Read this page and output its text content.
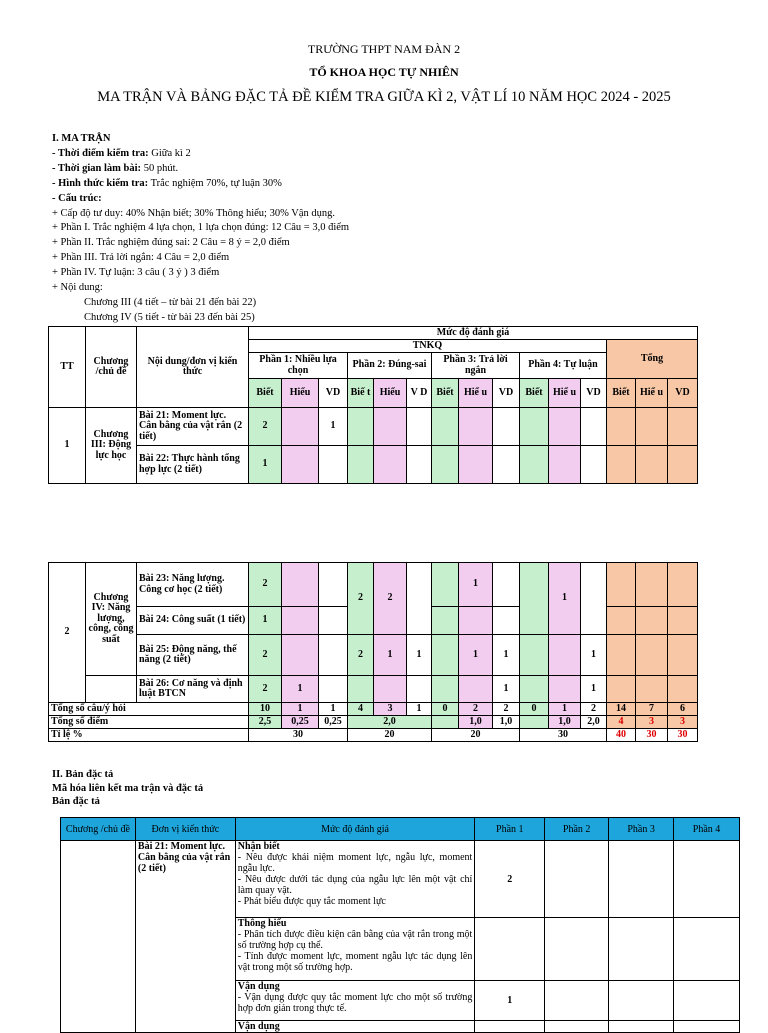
TRƯỜNG THPT NAM ĐÀN 2
TỔ KHOA HỌC TỰ NHIÊN
MA TRẬN VÀ BẢNG ĐẶC TẢ ĐỀ KIỂM TRA GIỮA KÌ 2, VẬT LÍ 10 NĂM HỌC 2024 - 2025
I. MA TRẬN
- Thời điểm kiểm tra: Giữa kì 2
- Thời gian làm bài: 50 phút.
- Hình thức kiểm tra: Trắc nghiệm 70%, tự luận 30%
- Cấu trúc:
+ Cấp độ tư duy: 40% Nhận biết; 30% Thông hiểu; 30% Vận dụng.
+ Phần I. Trắc nghiệm 4 lựa chọn, 1 lựa chọn đúng: 12 Câu = 3,0 điểm
+ Phần II. Trắc nghiệm đúng sai: 2 Câu = 8 ý = 2,0 điểm
+ Phần III. Trả lời ngắn: 4 Câu = 2,0 điểm
+ Phần IV. Tự luận: 3 câu ( 3 ý ) 3 điểm
+ Nội dung:
Chương III (4 tiết – từ bài 21 đến bài 22)
Chương IV (5 tiết - từ bài 23 đến bài 25)
TT	Chương /chủ đề	Nội dung/đơn vị kiến thức	Mức độ đánh giá														
			TNKQ												Tổng		
			Phần 1: Nhiều lựa chọn			Phần 2: Đúng-sai			Phần 3: Trả lời ngắn			Phần 4: Tự luận					
			Biết	Hiểu	VD	Biế t	Hiểu	V D	Biết	Hiể u	VD	Biết	Hiể u	VD	Biết	Hiể u	VD
1	Chương III: Động lực học	Bài 21: Moment lực. Cân bằng của vật rắn (2 tiết)	2		1												
		Bài 22: Thực hành tổng hợp lực (2 tiết)	1														
2	Chương IV: Năng lượng, công, công suất	Bài 23: Năng lượng. Công cơ học (2 tiết)	2			2	2			1			1				
		Bài 24: Công suất (1 tiết)	1														
		Bài 25: Động năng, thế năng (2 tiết)	2			2	1	1		1	1			1			
		Bài 26: Cơ năng và định luật BTCN	2	1							1			1			
Tổng số câu/ý hỏi			10	1	1	4	3	1	0	2	2	0	1	2	14	7	6
Tổng số điểm			2,5	0,25	0,25	2,0				1,0	1,0		1,0	2,0	4	3	3
Tỉ lệ %			30			20			20			30			40	30	30
II. Bản đặc tả
Mã hóa liên kết ma trận và đặc tả
Bản đặc tả
Chương /chủ đề	Đơn vị kiến thức	Mức độ đánh giá	Phần 1	Phần 2	Phần 3	Phần 4
	Bài 21: Moment lực. Cân bằng của vật rắn (2 tiết)	Nhận biết
- Nêu được khái niệm moment lực, ngẫu lực, moment ngẫu lực.
- Nêu được dưới tác dụng của ngẫu lực lên một vật chỉ làm quay vật.
- Phát biểu được quy tắc moment lực	2			
		Thông hiểu
- Phân tích được điều kiện cân bằng của vật rắn trong một số trường hợp cụ thể.
- Tính được moment lực, moment ngẫu lực tác dụng lên vật trong một số trường hợp.				

		Vận dụng
- Vận dụng được quy tắc moment lực cho một số trường hợp đơn giản trong thực tế.	1			
		Vận dụng				
